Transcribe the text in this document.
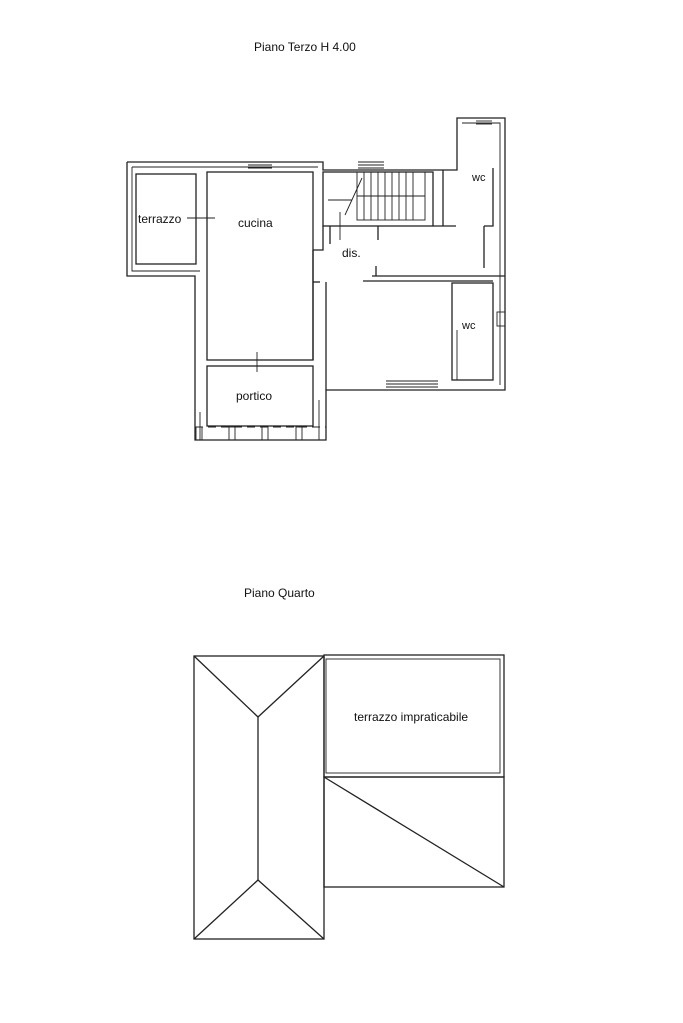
Piano Terzo H 4.00
Piano Quarto
terrazzo	cucina
dis.
wc
wc
portico
terrazzo impraticabile
